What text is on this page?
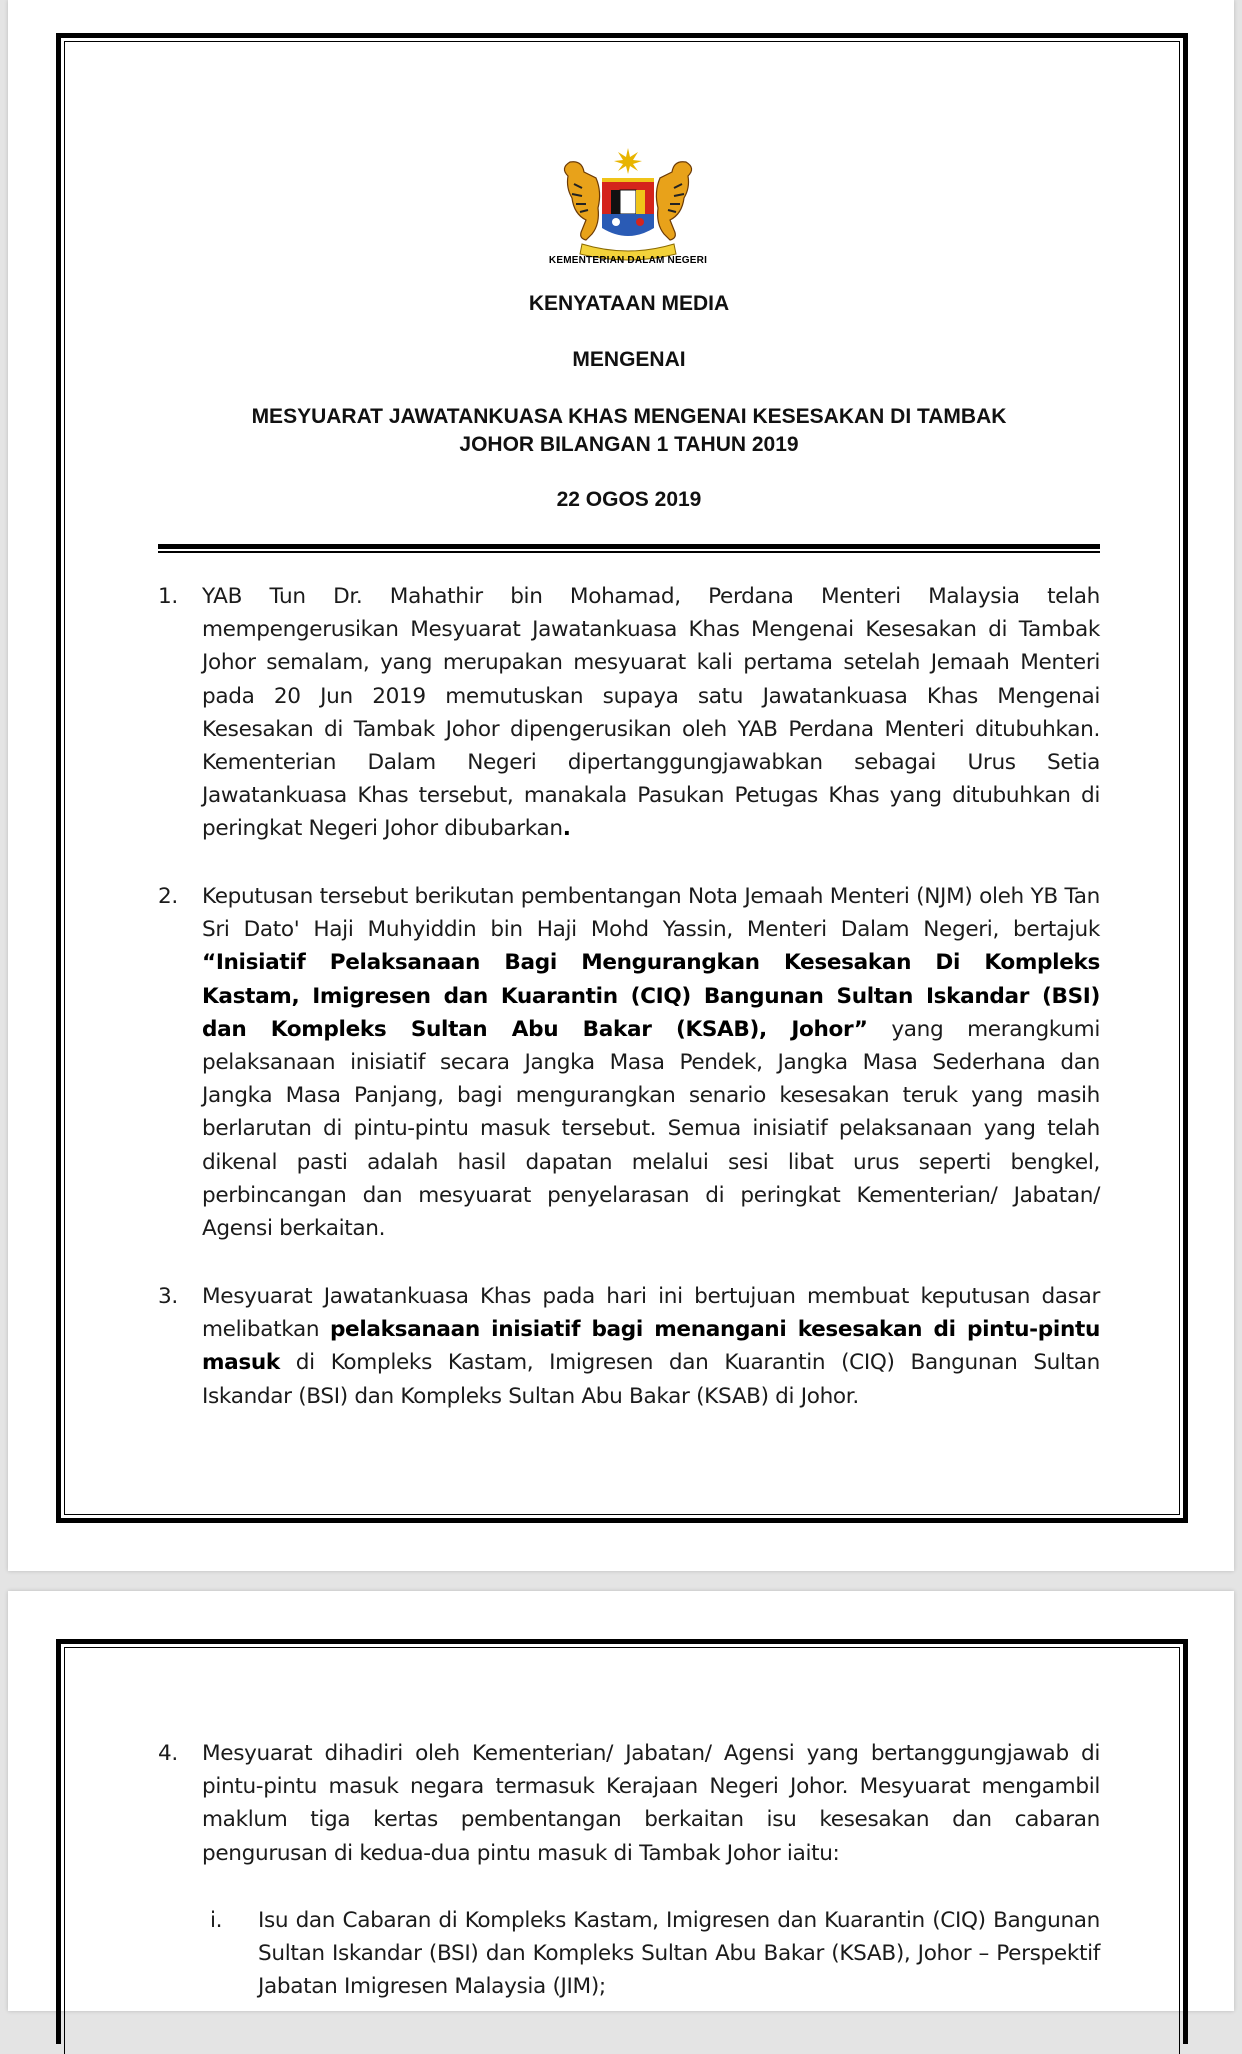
KEMENTERIAN DALAM NEGERI
KENYATAAN MEDIA
MENGENAI
MESYUARAT JAWATANKUASA KHAS MENGENAI KESESAKAN DI TAMBAK
JOHOR BILANGAN 1 TAHUN 2019
22 OGOS 2019
1. YAB Tun Dr. Mahathir bin Mohamad, Perdana Menteri Malaysia telah mempengerusikan Mesyuarat Jawatankuasa Khas Mengenai Kesesakan di Tambak Johor semalam, yang merupakan mesyuarat kali pertama setelah Jemaah Menteri pada 20 Jun 2019 memutuskan supaya satu Jawatankuasa Khas Mengenai Kesesakan di Tambak Johor dipengerusikan oleh YAB Perdana Menteri ditubuhkan. Kementerian Dalam Negeri dipertanggungjawabkan sebagai Urus Setia Jawatankuasa Khas tersebut, manakala Pasukan Petugas Khas yang ditubuhkan di peringkat Negeri Johor dibubarkan.
2. Keputusan tersebut berikutan pembentangan Nota Jemaah Menteri (NJM) oleh YB Tan Sri Dato' Haji Muhyiddin bin Haji Mohd Yassin, Menteri Dalam Negeri, bertajuk “Inisiatif Pelaksanaan Bagi Mengurangkan Kesesakan Di Kompleks Kastam, Imigresen dan Kuarantin (CIQ) Bangunan Sultan Iskandar (BSI) dan Kompleks Sultan Abu Bakar (KSAB), Johor” yang merangkumi pelaksanaan inisiatif secara Jangka Masa Pendek, Jangka Masa Sederhana dan Jangka Masa Panjang, bagi mengurangkan senario kesesakan teruk yang masih berlarutan di pintu-pintu masuk tersebut. Semua inisiatif pelaksanaan yang telah dikenal pasti adalah hasil dapatan melalui sesi libat urus seperti bengkel, perbincangan dan mesyuarat penyelarasan di peringkat Kementerian/ Jabatan/ Agensi berkaitan.
3. Mesyuarat Jawatankuasa Khas pada hari ini bertujuan membuat keputusan dasar melibatkan pelaksanaan inisiatif bagi menangani kesesakan di pintu-pintu masuk di Kompleks Kastam, Imigresen dan Kuarantin (CIQ) Bangunan Sultan Iskandar (BSI) dan Kompleks Sultan Abu Bakar (KSAB) di Johor.
4. Mesyuarat dihadiri oleh Kementerian/ Jabatan/ Agensi yang bertanggungjawab di pintu-pintu masuk negara termasuk Kerajaan Negeri Johor. Mesyuarat mengambil maklum tiga kertas pembentangan berkaitan isu kesesakan dan cabaran pengurusan di kedua-dua pintu masuk di Tambak Johor iaitu:
i. Isu dan Cabaran di Kompleks Kastam, Imigresen dan Kuarantin (CIQ) Bangunan Sultan Iskandar (BSI) dan Kompleks Sultan Abu Bakar (KSAB), Johor – Perspektif Jabatan Imigresen Malaysia (JIM);
